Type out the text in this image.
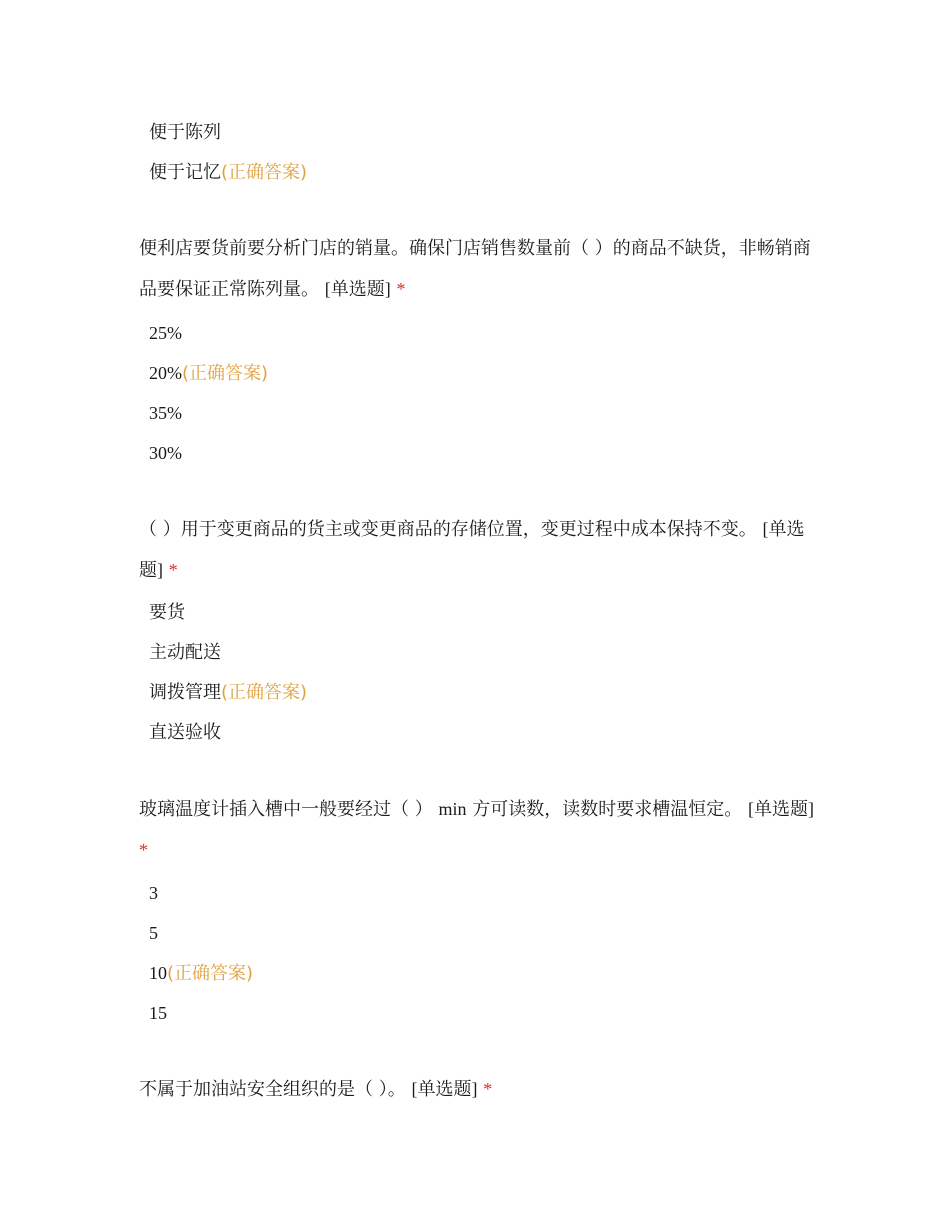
便于陈列
便于记忆(正确答案)
便利店要货前要分析门店的销量。确保门店销售数量前（ ）的商品不缺货，非畅销商品要保证正常陈列量。 [单选题] *
25%
20%(正确答案)
35%
30%
（ ）用于变更商品的货主或变更商品的存储位置，变更过程中成本保持不变。 [单选题] *
要货
主动配送
调拨管理(正确答案)
直送验收
玻璃温度计插入槽中一般要经过（ ） min 方可读数，读数时要求槽温恒定。 [单选题] *
3
5
10(正确答案)
15
不属于加油站安全组织的是（ ）。 [单选题] *
